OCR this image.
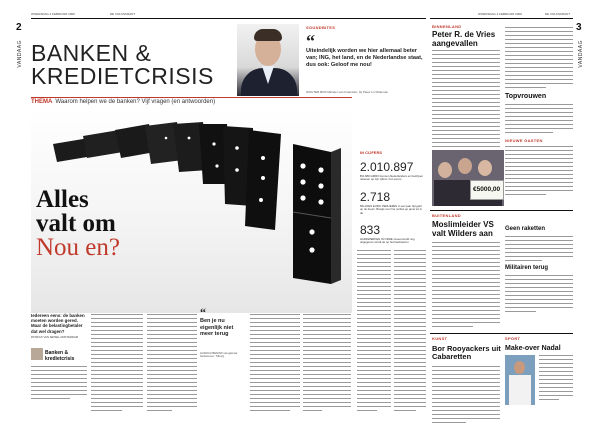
WOENSDAG 4 FEBRUARI 2009	DE VOLKSKRANT
2
VANDAAG BANKEN &
KREDIETCRISIS
SOUNDBITES
“
Uiteindelijk worden we hier allemaal beter van; ING, het land, en de Nederlandse staat, dus ook: Geloof me nou!
WOUTER BOS Minister van Financiën, bij Pauw en Witteman
THEMA Waarom helpen we de banken? Vijf vragen (en antwoorden)
Alles
valt om
Nou en?
Iedereen eens: de banken moeten worden gered. Maar de belastingbetaler dat wel dragen?
PATRICK VAN IERSEL AMSTERDAM
Banken & kredietcrisis
“
Ben je nu eigenlijk niet meer terug
HAROLD BENINK Hoogleraar bankwezen, Tilburg
IN CIJFERS
2.010.897
BIJ ABN AMRO kunnen Nederlanders en bedrijven rekenen op zijn cijfers: hun euro's
2.718
MILJOEN EURO VERLIEZEN in een jaar tijd geld op de beurs. Bewijs voor het verlies op groei tot in de
833
HARDWERKEN IN ORDE zoveel wordt nog uitgegeven wordt de op het bankwezen
WOENSDAG 4 FEBRUARI 2009	DE VOLKSKRANT
3
VANDAAG
BINNENLAND
Peter R. de Vries aangevallen
Topvrouwen
NIEUWE GASTEN
€5000,00
BUITENLAND
Moslimleider VS valt Wilders aan	Geen raketten
Militairen terug
KUNST
Bor Rooyackers uit Cabaretten
SPORT
Make-over Nadal
